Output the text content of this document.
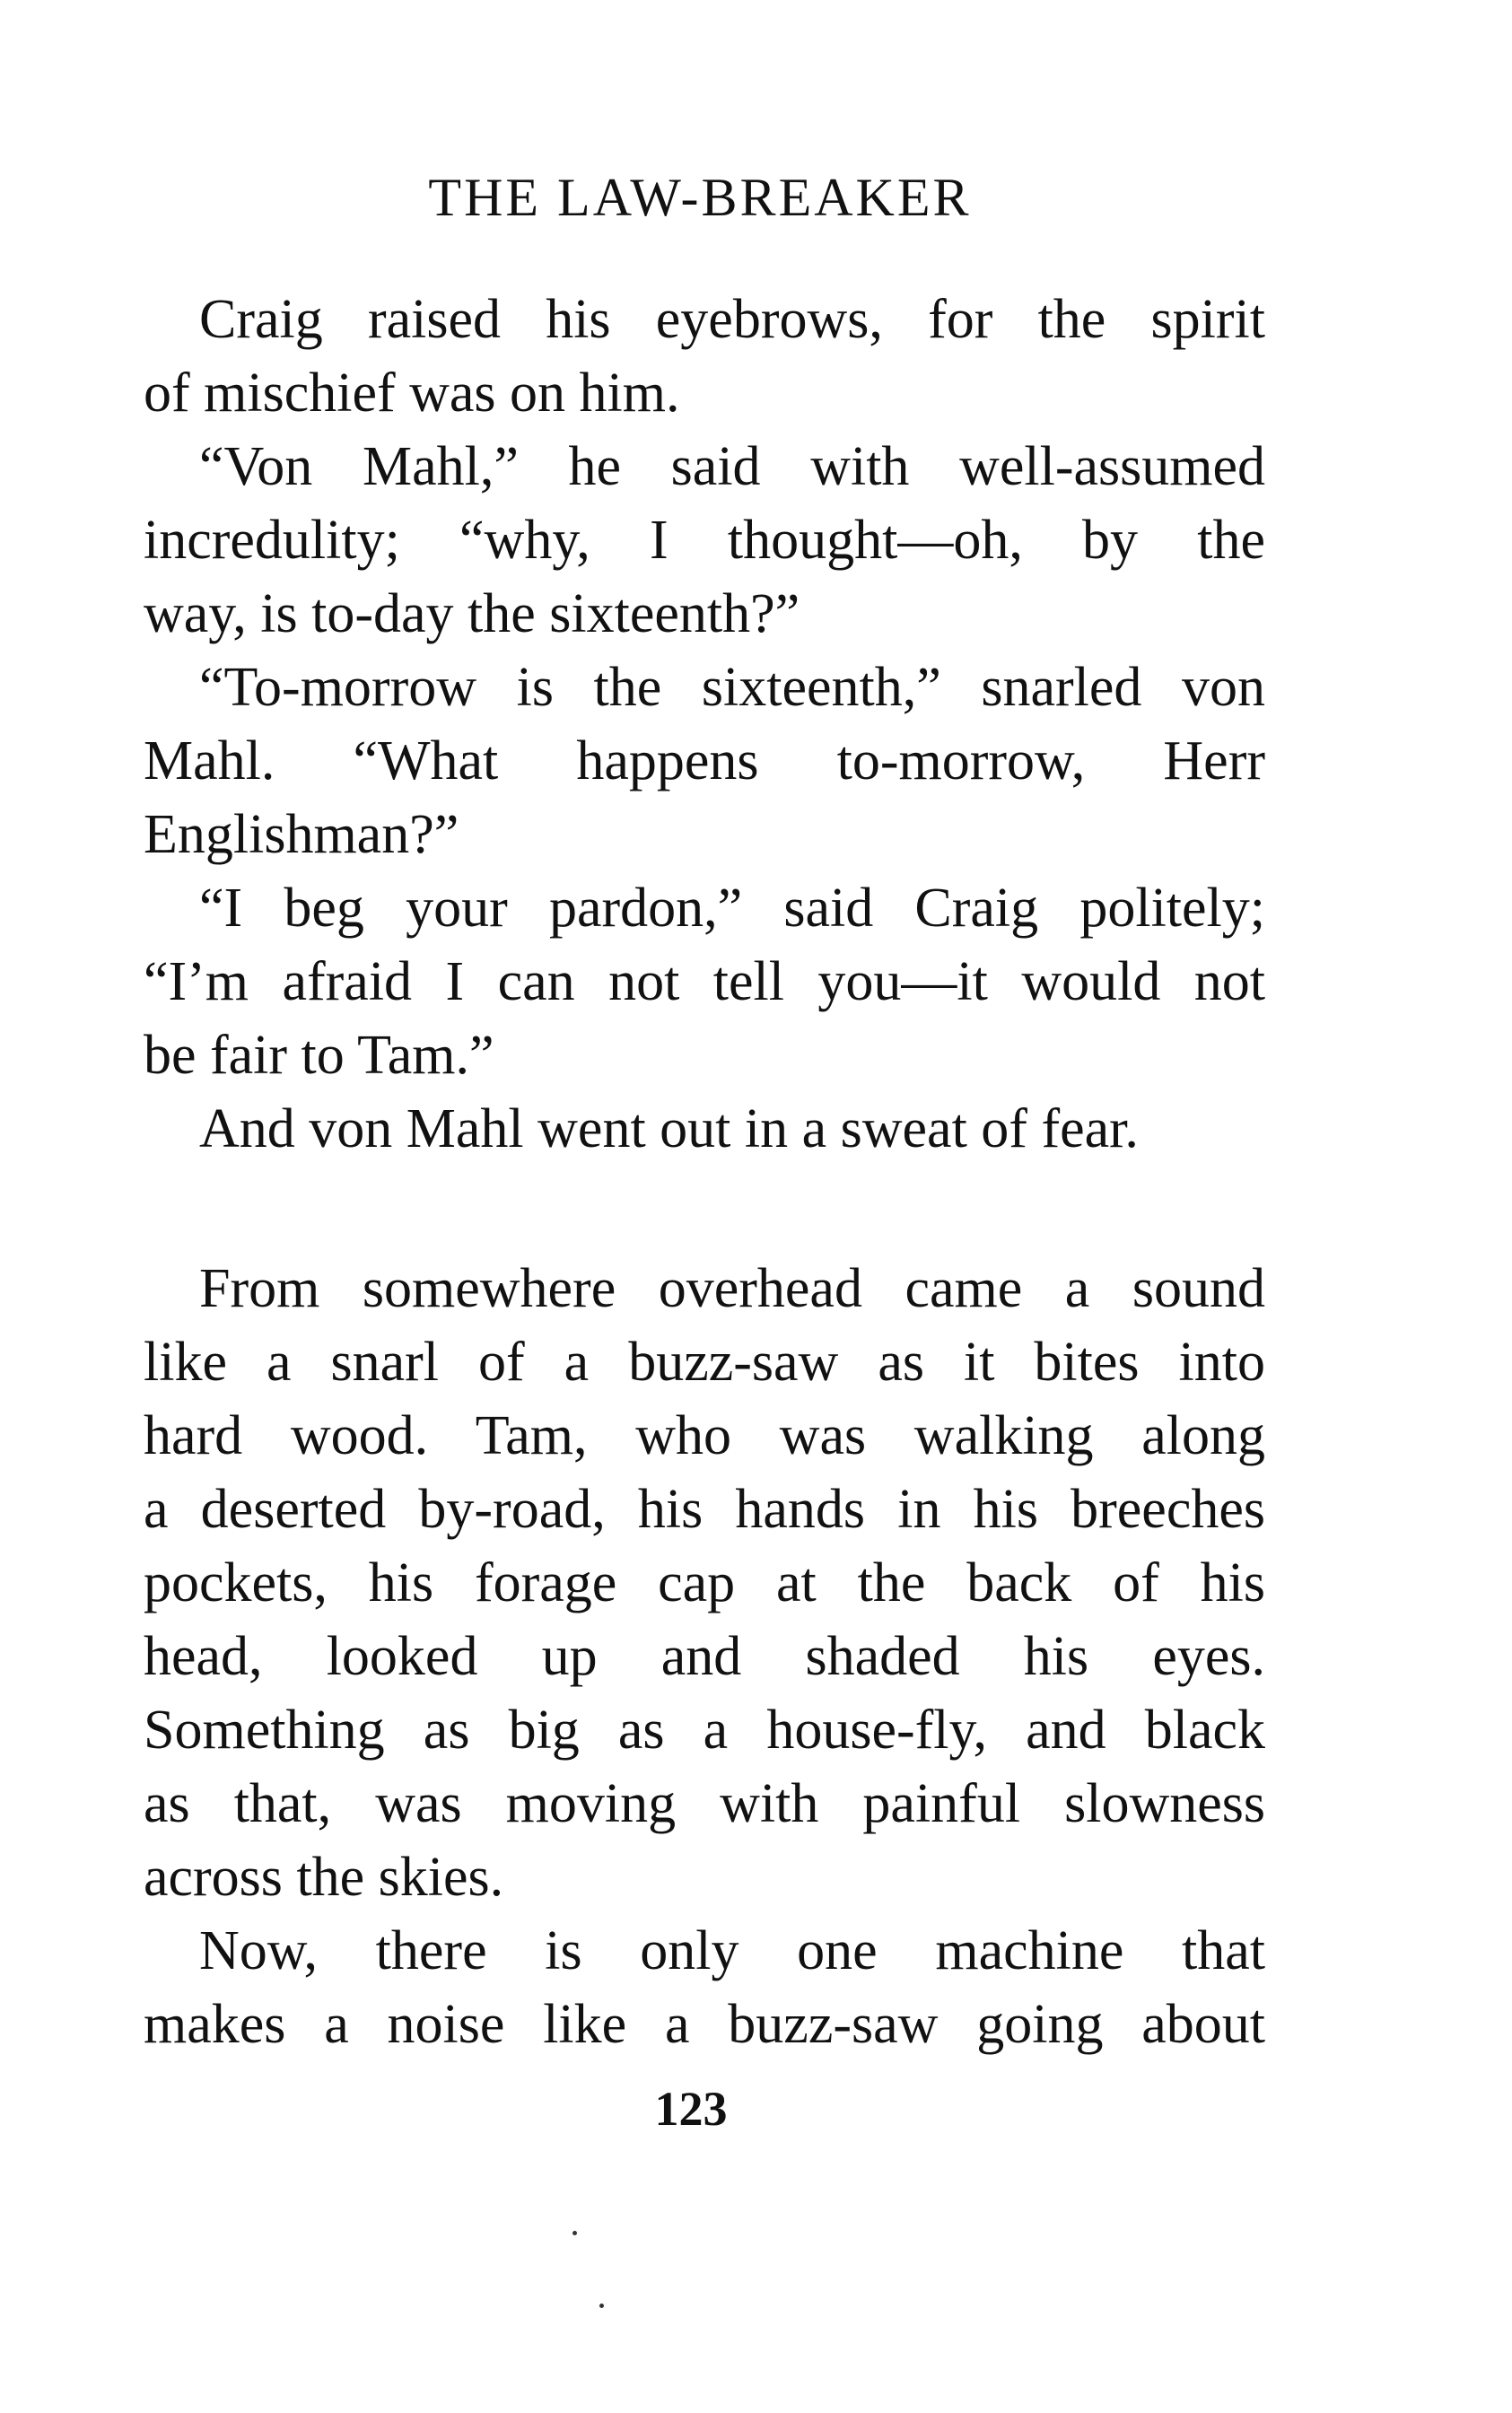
THE LAW-BREAKER
Craig raised his eyebrows, for the spirit
of mischief was on him.
“Von Mahl,” he said with well-assumed
incredulity; “why, I thought—oh, by the
way, is to-day the sixteenth?”
“To-morrow is the sixteenth,” snarled von
Mahl. “What happens to-morrow, Herr
Englishman?”
“I beg your pardon,” said Craig politely;
“I’m afraid I can not tell you—it would not
be fair to Tam.”
And von Mahl went out in a sweat of fear.
From somewhere overhead came a sound
like a snarl of a buzz-saw as it bites into
hard wood. Tam, who was walking along
a deserted by-road, his hands in his breeches
pockets, his forage cap at the back of his
head, looked up and shaded his eyes.
Something as big as a house-fly, and black
as that, was moving with painful slowness
across the skies.
Now, there is only one machine that
makes a noise like a buzz-saw going about
123
